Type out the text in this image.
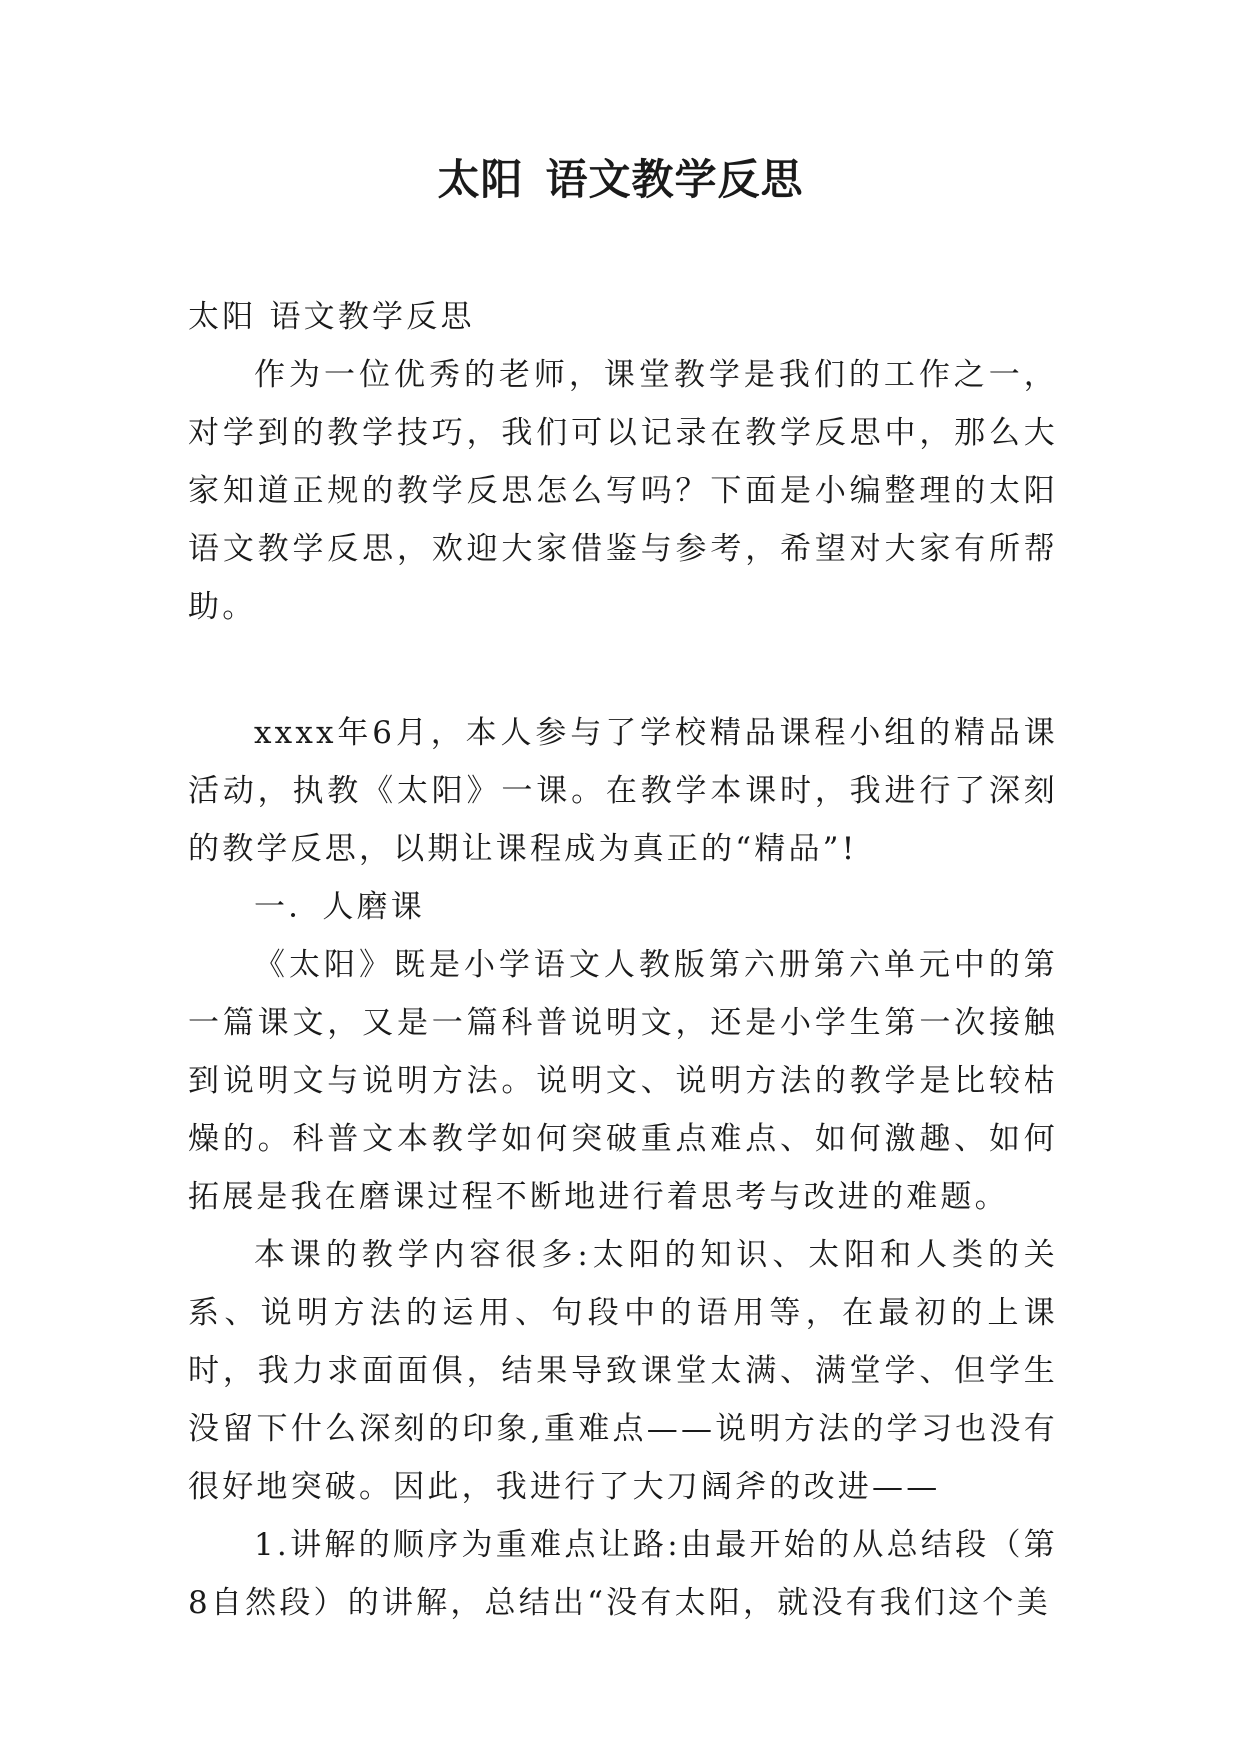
太阳 语文教学反思

太阳 语文教学反思

作为一位优秀的老师，课堂教学是我们的工作之一，对学到的教学技巧，我们可以记录在教学反思中，那么大家知道正规的教学反思怎么写吗？下面是小编整理的太阳 语文教学反思，欢迎大家借鉴与参考，希望对大家有所帮助。

xxxx年6月，本人参与了学校精品课程小组的精品课活动，执教《太阳》一课。在教学本课时，我进行了深刻的教学反思，以期让课程成为真正的“精品”!

一．人磨课

《太阳》既是小学语文人教版第六册第六单元中的第一篇课文，又是一篇科普说明文，还是小学生第一次接触到说明文与说明方法。说明文、说明方法的教学是比较枯燥的。科普文本教学如何突破重点难点、如何激趣、如何拓展是我在磨课过程不断地进行着思考与改进的难题。

本课的教学内容很多:太阳的知识、太阳和人类的关系、说明方法的运用、句段中的语用等，在最初的上课时，我力求面面俱，结果导致课堂太满、满堂学、但学生没留下什么深刻的印象,重难点——说明方法的学习也没有很好地突破。因此，我进行了大刀阔斧的改进——

1.讲解的顺序为重难点让路:由最开始的从总结段（第8自然段）的讲解，总结出“没有太阳，就没有我们这个美
